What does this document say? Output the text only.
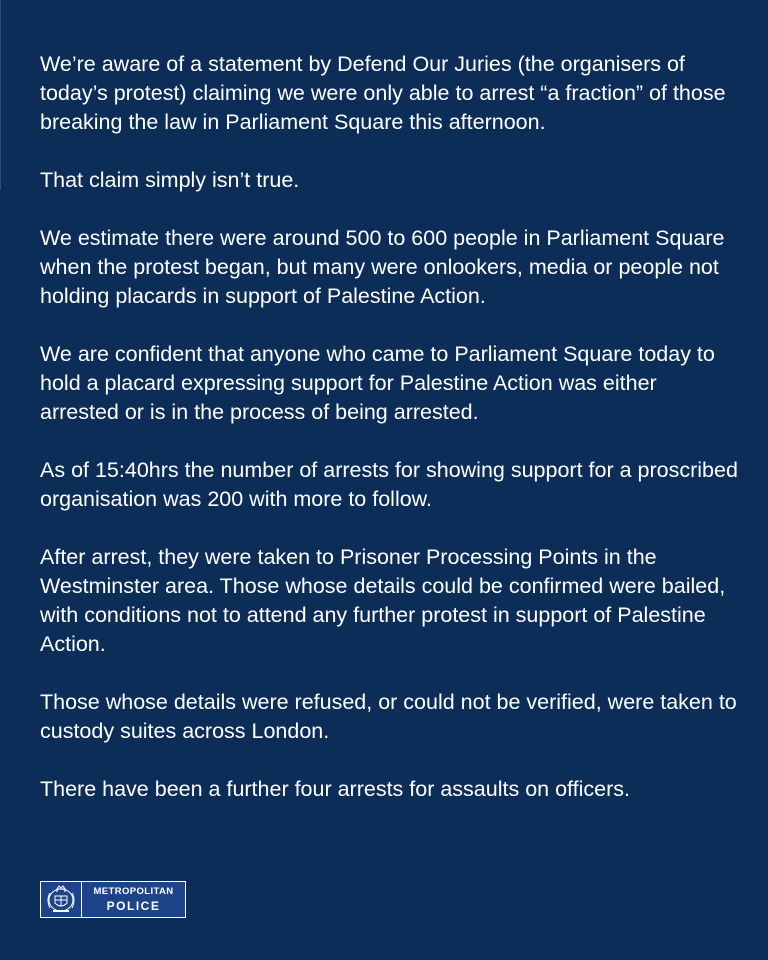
We’re aware of a statement by Defend Our Juries (the organisers of today’s protest) claiming we were only able to arrest “a fraction” of those breaking the law in Parliament Square this afternoon.

That claim simply isn’t true.

We estimate there were around 500 to 600 people in Parliament Square when the protest began, but many were onlookers, media or people not holding placards in support of Palestine Action.

We are confident that anyone who came to Parliament Square today to hold a placard expressing support for Palestine Action was either arrested or is in the process of being arrested.

As of 15:40hrs the number of arrests for showing support for a proscribed organisation was 200 with more to follow.

After arrest, they were taken to Prisoner Processing Points in the Westminster area. Those whose details could be confirmed were bailed, with conditions not to attend any further protest in support of Palestine Action.

Those whose details were refused, or could not be verified, were taken to custody suites across London.

There have been a further four arrests for assaults on officers.

METROPOLITAN
POLICE
